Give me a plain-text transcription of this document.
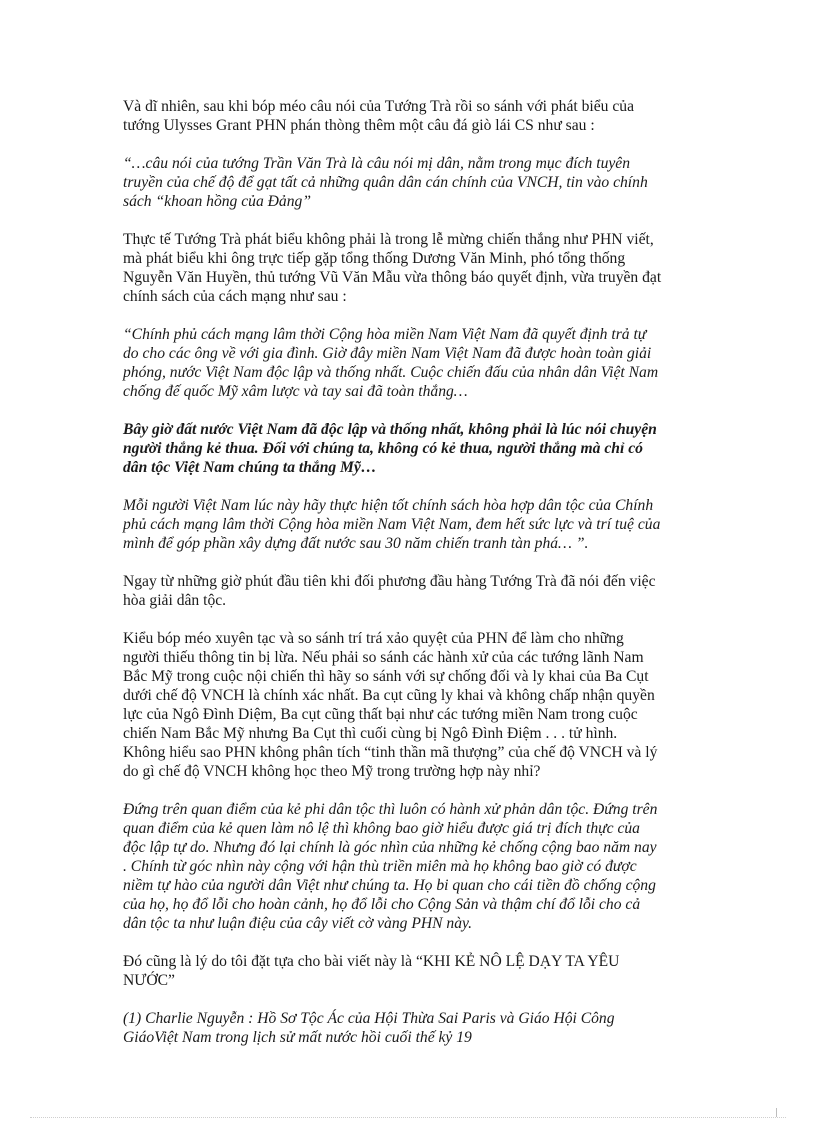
Và dĩ nhiên, sau khi bóp méo câu nói của Tướng Trà rồi so sánh với phát biểu của
tướng Ulysses Grant PHN phán thòng thêm một câu đá giò lái CS như sau :

“…câu nói của tướng Trần Văn Trà là câu nói mị dân, nằm trong mục đích tuyên
truyền của chế độ để gạt tất cả những quân dân cán chính của VNCH, tin vào chính
sách “khoan hồng của Đảng”

Thực tế Tướng Trà phát biểu không phải là trong lễ mừng chiến thắng như PHN viết,
mà phát biểu khi ông trực tiếp gặp tổng thống Dương Văn Minh, phó tổng thống
Nguyễn Văn Huyền, thủ tướng Vũ Văn Mẫu vừa thông báo quyết định, vừa truyền đạt
chính sách của cách mạng như sau :

“Chính phủ cách mạng lâm thời Cộng hòa miền Nam Việt Nam đã quyết định trả tự
do cho các ông về với gia đình. Giờ đây miền Nam Việt Nam đã được hoàn toàn giải
phóng, nước Việt Nam độc lập và thống nhất. Cuộc chiến đấu của nhân dân Việt Nam
chống đế quốc Mỹ xâm lược và tay sai đã toàn thắng…

Bây giờ đất nước Việt Nam đã độc lập và thống nhất, không phải là lúc nói chuyện
người thắng kẻ thua. Đối với chúng ta, không có kẻ thua, người thắng mà chỉ có
dân tộc Việt Nam chúng ta thắng Mỹ…

Mỗi người Việt Nam lúc này hãy thực hiện tốt chính sách hòa hợp dân tộc của Chính
phủ cách mạng lâm thời Cộng hòa miền Nam Việt Nam, đem hết sức lực và trí tuệ của
mình để góp phần xây dựng đất nước sau 30 năm chiến tranh tàn phá… ”.

Ngay từ những giờ phút đầu tiên khi đối phương đầu hàng Tướng Trà đã nói đến việc
hòa giải dân tộc.

Kiểu bóp méo xuyên tạc và so sánh trí trá xảo quyệt của PHN để làm cho những
người thiếu thông tin bị lừa. Nếu phải so sánh các hành xử của các tướng lãnh Nam
Bắc Mỹ trong cuộc nội chiến thì hãy so sánh với sự chống đối và ly khai của Ba Cụt
dưới chế độ VNCH là chính xác nhất. Ba cụt cũng ly khai và không chấp nhận quyền
lực của Ngô Đình Diệm, Ba cụt cũng thất bại như các tướng miền Nam trong cuộc
chiến Nam Bắc Mỹ nhưng Ba Cụt thì cuối cùng bị Ngô Đình Điệm . . . tử hình.
Không hiểu sao PHN không phân tích “tinh thần mã thượng” của chế độ VNCH và lý
do gì chế độ VNCH không học theo Mỹ trong trường hợp này nhỉ?

Đứng trên quan điểm của kẻ phi dân tộc thì luôn có hành xử phản dân tộc. Đứng trên
quan điểm của kẻ quen làm nô lệ thì không bao giờ hiểu được giá trị đích thực của
độc lập tự do. Nhưng đó lại chính là góc nhìn của những kẻ chống cộng bao năm nay
. Chính từ góc nhìn này cộng với hận thù triền miên mà họ không bao giờ có được
niềm tự hào của người dân Việt như chúng ta. Họ bi quan cho cái tiền đồ chống cộng
của họ, họ đổ lỗi cho hoàn cảnh, họ đổ lỗi cho Cộng Sản và thậm chí đổ lỗi cho cả
dân tộc ta như luận điệu của cây viết cờ vàng PHN này.

Đó cũng là lý do tôi đặt tựa cho bài viết này là “KHI KẺ NÔ LỆ DẠY TA YÊU
NƯỚC”

(1) Charlie Nguyễn : Hồ Sơ Tộc Ác của Hội Thừa Sai Paris và Giáo Hội Công
GiáoViệt Nam trong lịch sử mất nước hồi cuối thế kỷ 19
